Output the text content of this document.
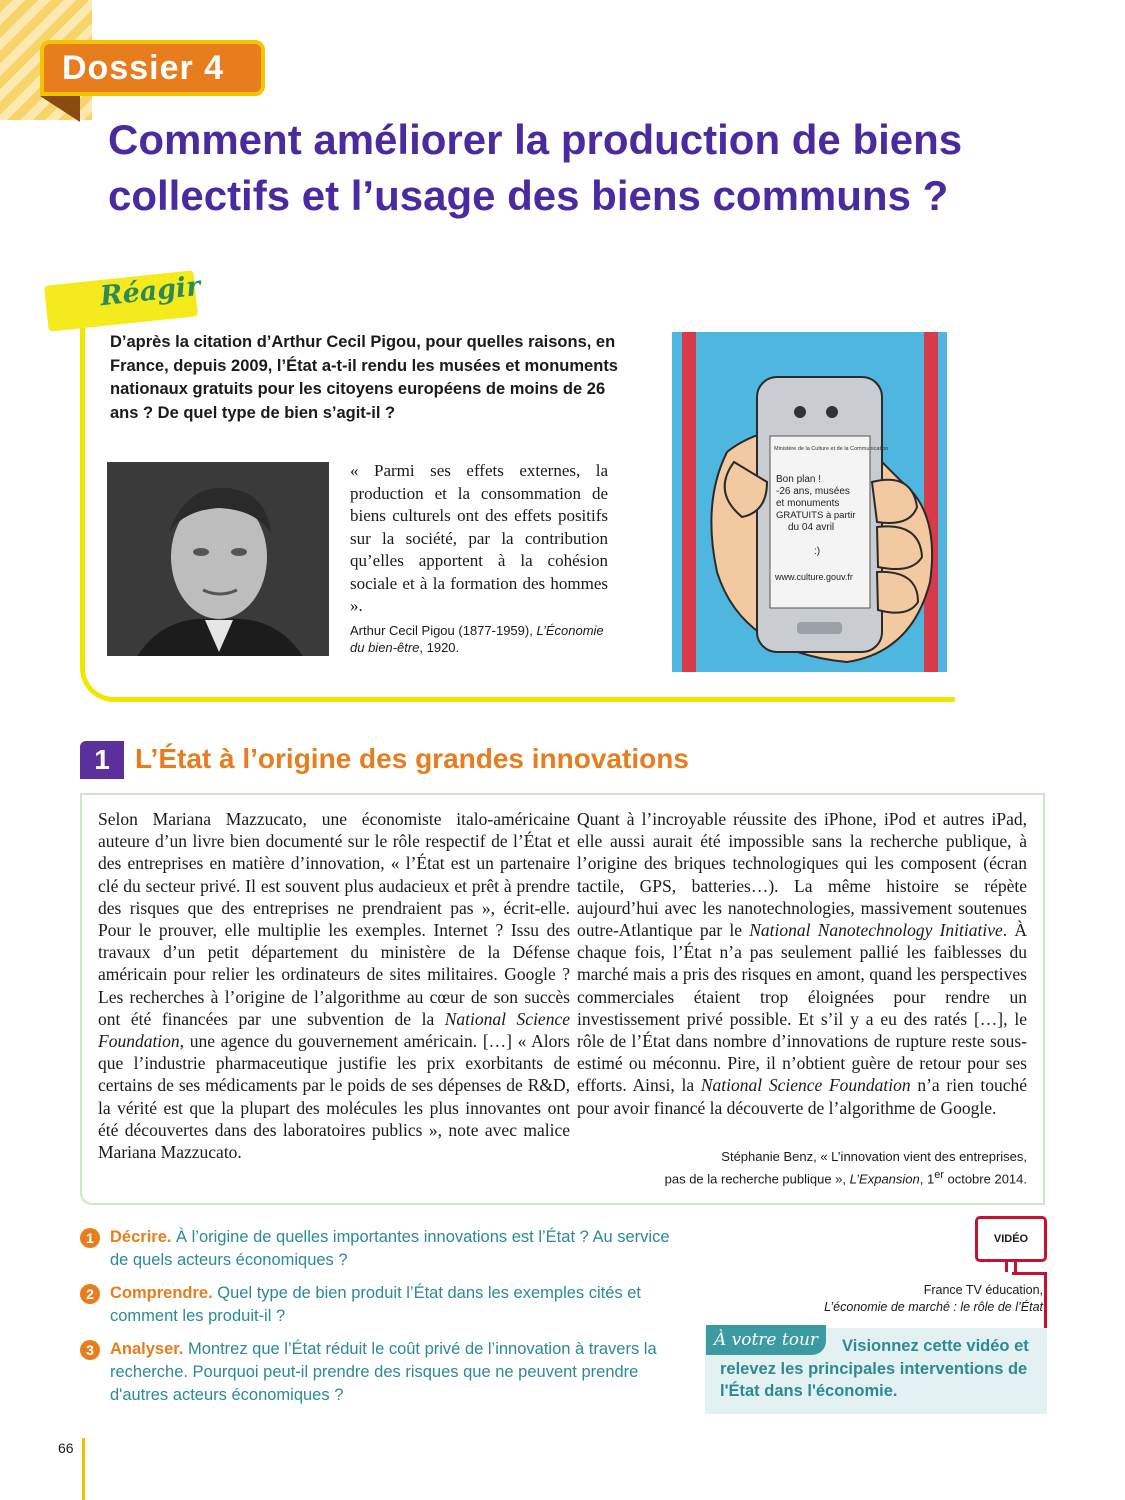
Dossier 4
Comment améliorer la production de biens collectifs et l’usage des biens communs ?
Réagir

D’après la citation d’Arthur Cecil Pigou, pour quelles raisons, en France, depuis 2009, l’État a-t-il rendu les musées et monuments nationaux gratuits pour les citoyens européens de moins de 26 ans ? De quel type de bien s’agit-il ?

« Parmi ses effets externes, la production et la consommation de biens culturels ont des effets positifs sur la société, par la contribution qu’elles apportent à la cohésion sociale et à la formation des hommes ».

Arthur Cecil Pigou (1877-1959), L’Économie du bien-être, 1920.
Ministère de la Culture et de la Communication
Bon plan !
-26 ans, musées
et monuments
GRATUITS à partir
du 04 avril
:)
www.culture.gouv.fr
1 L’État à l’origine des grandes innovations

Selon Mariana Mazzucato, une économiste italo-américaine auteure d’un livre bien documenté sur le rôle respectif de l’État et des entreprises en matière d’innovation, « l’État est un partenaire clé du secteur privé. Il est souvent plus audacieux et prêt à prendre des risques que des entreprises ne prendraient pas », écrit-elle. Pour le prouver, elle multiplie les exemples. Internet ? Issu des travaux d’un petit département du ministère de la Défense américain pour relier les ordinateurs de sites militaires. Google ? Les recherches à l’origine de l’algorithme au cœur de son succès ont été financées par une subvention de la National Science Foundation, une agence du gouvernement américain. […] « Alors que l’industrie pharmaceutique justifie les prix exorbitants de certains de ses médicaments par le poids de ses dépenses de R&D, la vérité est que la plupart des molécules les plus innovantes ont été découvertes dans des laboratoires publics », note avec malice Mariana Mazzucato.

Quant à l’incroyable réussite des iPhone, iPod et autres iPad, elle aussi aurait été impossible sans la recherche publique, à l’origine des briques technologiques qui les composent (écran tactile, GPS, batteries…). La même histoire se répète aujourd’hui avec les nanotechnologies, massivement soutenues outre-Atlantique par le National Nanotechnology Initiative. À chaque fois, l’État n’a pas seulement pallié les faiblesses du marché mais a pris des risques en amont, quand les perspectives commerciales étaient trop éloignées pour rendre un investissement privé possible. Et s’il y a eu des ratés […], le rôle de l’État dans nombre d’innovations de rupture reste sous-estimé ou méconnu. Pire, il n’obtient guère de retour pour ses efforts. Ainsi, la National Science Foundation n’a rien touché pour avoir financé la découverte de l’algorithme de Google.

Stéphanie Benz, « L’innovation vient des entreprises,
pas de la recherche publique », L’Expansion, 1er octobre 2014.
1 Décrire. À l’origine de quelles importantes innovations est l’État ? Au service de quels acteurs économiques ?
2 Comprendre. Quel type de bien produit l’État dans les exemples cités et comment les produit-il ?
3 Analyser. Montrez que l’État réduit le coût privé de l’innovation à travers la recherche. Pourquoi peut-il prendre des risques que ne peuvent prendre d'autres acteurs économiques ?
VIDÉO
France TV éducation,
L’économie de marché : le rôle de l’État
À votre tour	Visionnez cette vidéo et relevez les principales interventions de l'État dans l'économie.

66
